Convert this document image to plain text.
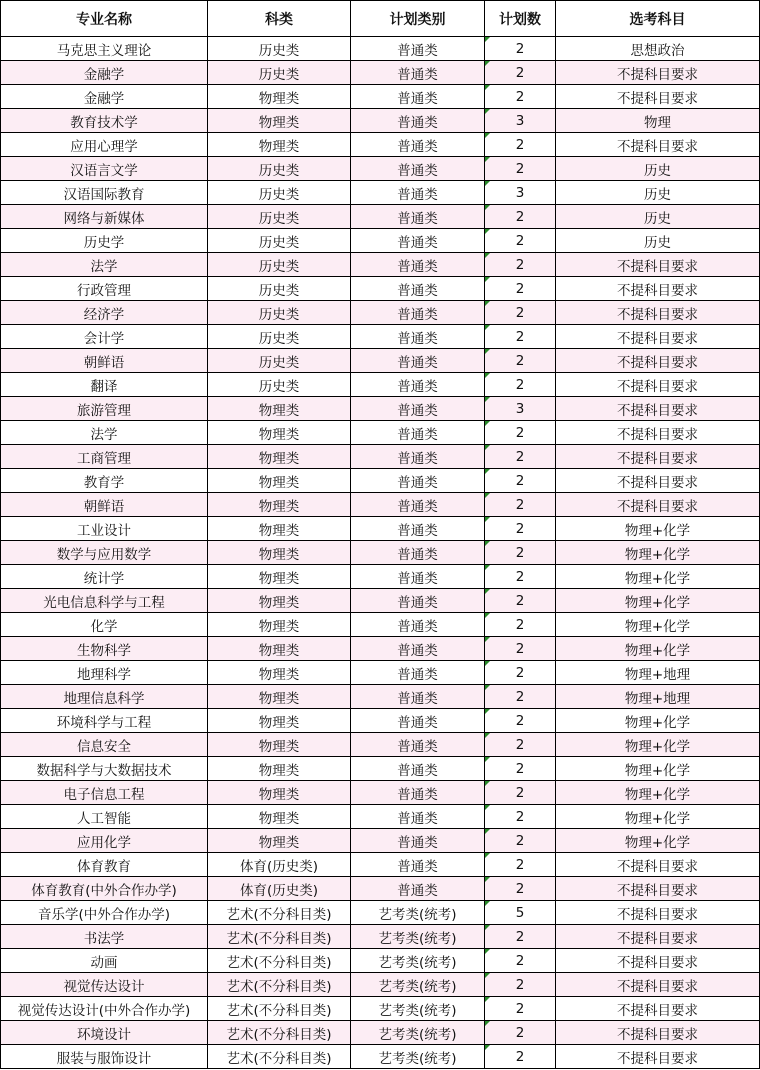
专业名称	科类	计划类别	计划数	选考科目
马克思主义理论	历史类	普通类	2	思想政治
金融学	历史类	普通类	2	不提科目要求
金融学	物理类	普通类	2	不提科目要求
教育技术学	物理类	普通类	3	物理
应用心理学	物理类	普通类	2	不提科目要求
汉语言文学	历史类	普通类	2	历史
汉语国际教育	历史类	普通类	3	历史
网络与新媒体	历史类	普通类	2	历史
历史学	历史类	普通类	2	历史
法学	历史类	普通类	2	不提科目要求
行政管理	历史类	普通类	2	不提科目要求
经济学	历史类	普通类	2	不提科目要求
会计学	历史类	普通类	2	不提科目要求
朝鲜语	历史类	普通类	2	不提科目要求
翻译	历史类	普通类	2	不提科目要求
旅游管理	物理类	普通类	3	不提科目要求
法学	物理类	普通类	2	不提科目要求
工商管理	物理类	普通类	2	不提科目要求
教育学	物理类	普通类	2	不提科目要求
朝鲜语	物理类	普通类	2	不提科目要求
工业设计	物理类	普通类	2	物理+化学
数学与应用数学	物理类	普通类	2	物理+化学
统计学	物理类	普通类	2	物理+化学
光电信息科学与工程	物理类	普通类	2	物理+化学
化学	物理类	普通类	2	物理+化学
生物科学	物理类	普通类	2	物理+化学
地理科学	物理类	普通类	2	物理+地理
地理信息科学	物理类	普通类	2	物理+地理
环境科学与工程	物理类	普通类	2	物理+化学
信息安全	物理类	普通类	2	物理+化学
数据科学与大数据技术	物理类	普通类	2	物理+化学
电子信息工程	物理类	普通类	2	物理+化学
人工智能	物理类	普通类	2	物理+化学
应用化学	物理类	普通类	2	物理+化学
体育教育	体育(历史类)	普通类	2	不提科目要求
体育教育(中外合作办学)	体育(历史类)	普通类	2	不提科目要求
音乐学(中外合作办学)	艺术(不分科目类)	艺考类(统考)	5	不提科目要求
书法学	艺术(不分科目类)	艺考类(统考)	2	不提科目要求
动画	艺术(不分科目类)	艺考类(统考)	2	不提科目要求
视觉传达设计	艺术(不分科目类)	艺考类(统考)	2	不提科目要求
视觉传达设计(中外合作办学)	艺术(不分科目类)	艺考类(统考)	2	不提科目要求
环境设计	艺术(不分科目类)	艺考类(统考)	2	不提科目要求
服装与服饰设计	艺术(不分科目类)	艺考类(统考)	2	不提科目要求
